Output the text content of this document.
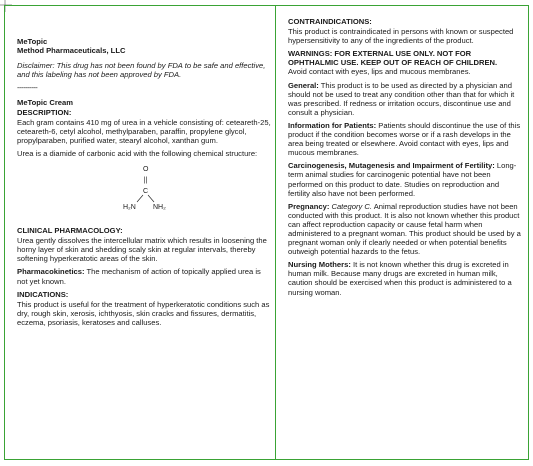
MeTopic

Method Pharmaceuticals, LLC

Disclaimer: This drug has not been found by FDA to be safe and effective, and this labeling has not been approved by FDA.

----------

MeTopic Cream

DESCRIPTION:

Each gram contains 410 mg of urea in a vehicle consisting of: ceteareth-25, ceteareth-6, cetyl alcohol, methylparaben, paraffin, propylene glycol, propylparaben, purified water, stearyl alcohol, xanthan gum.

Urea is a diamide of carbonic acid with the following chemical structure:

O
||
C
H₂N NH₂

CLINICAL PHARMACOLOGY:

Urea gently dissolves the intercellular matrix which results in loosening the horny layer of skin and shedding scaly skin at regular intervals, thereby softening hyperkeratotic areas of the skin.

Pharmacokinetics: The mechanism of action of topically applied urea is not yet known.

INDICATIONS:

This product is useful for the treatment of hyperkeratotic conditions such as dry, rough skin, xerosis, ichthyosis, skin cracks and fissures, dermatitis, eczema, psoriasis, keratoses and calluses.

CONTRAINDICATIONS:

This product is contraindicated in persons with known or suspected hypersensitivity to any of the ingredients of the product.

WARNINGS: FOR EXTERNAL USE ONLY. NOT FOR OPHTHALMIC USE. KEEP OUT OF REACH OF CHILDREN.

Avoid contact with eyes, lips and mucous membranes.

General: This product is to be used as directed by a physician and should not be used to treat any condition other than that for which it was prescribed. If redness or irritation occurs, discontinue use and consult a physician.

Information for Patients: Patients should discontinue the use of this product if the condition becomes worse or if a rash develops in the area being treated or elsewhere. Avoid contact with eyes, lips and mucous membranes.

Carcinogenesis, Mutagenesis and Impairment of Fertility: Long-term animal studies for carcinogenic potential have not been performed on this product to date. Studies on reproduction and fertility also have not been performed.

Pregnancy: Category C. Animal reproduction studies have not been conducted with this product. It is also not known whether this product can affect reproduction capacity or cause fetal harm when administered to a pregnant woman. This product should be used by a pregnant woman only if clearly needed or when potential benefits outweigh potential hazards to the fetus.

Nursing Mothers: It is not known whether this drug is excreted in human milk. Because many drugs are excreted in human milk, caution should be exercised when this product is administered to a nursing woman.
